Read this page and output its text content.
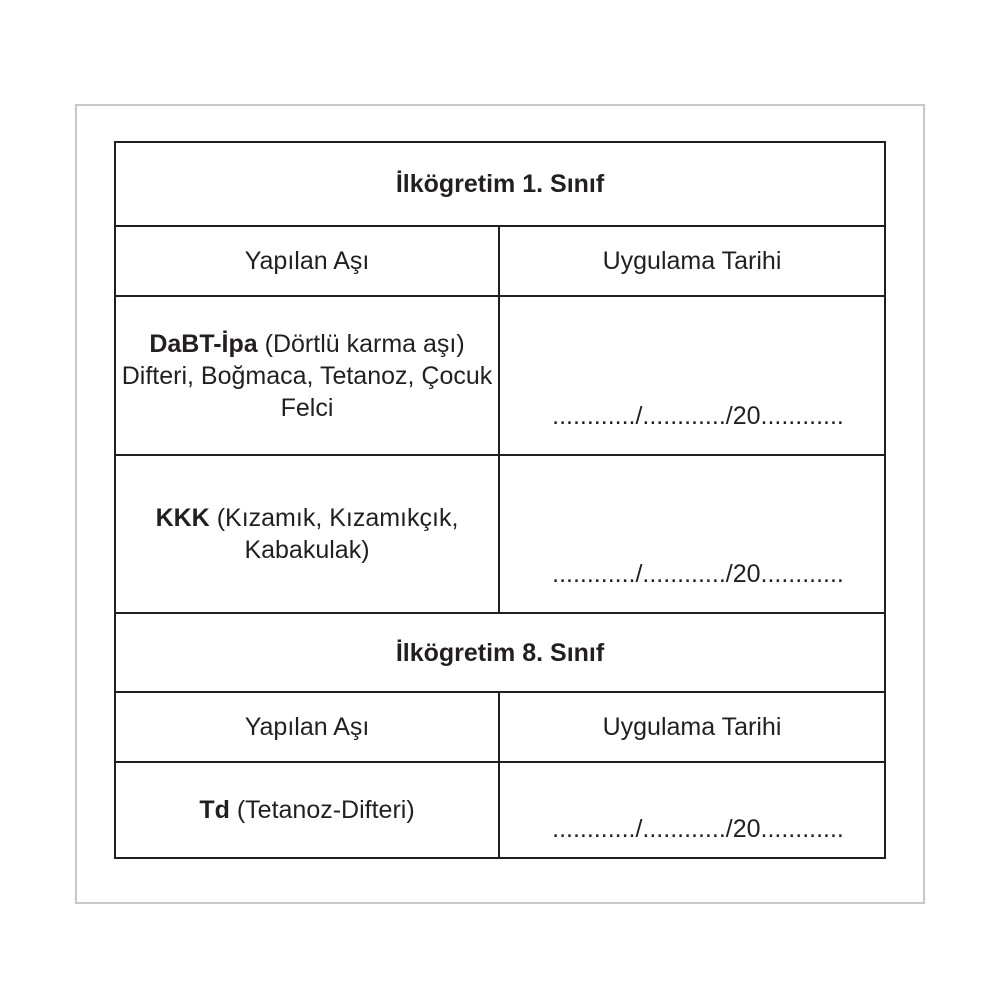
İlkögretim 1. Sınıf	
Yapılan Aşı	Uygulama Tarihi
DaBT-İpa (Dörtlü karma aşı) Difteri, Boğmaca, Tetanoz, Çocuk Felci	............/............/20............
KKK (Kızamık, Kızamıkçık, Kabakulak)	............/............/20............
İlkögretim 8. Sınıf	
Yapılan Aşı	Uygulama Tarihi
Td (Tetanoz-Difteri)	............/............/20............
